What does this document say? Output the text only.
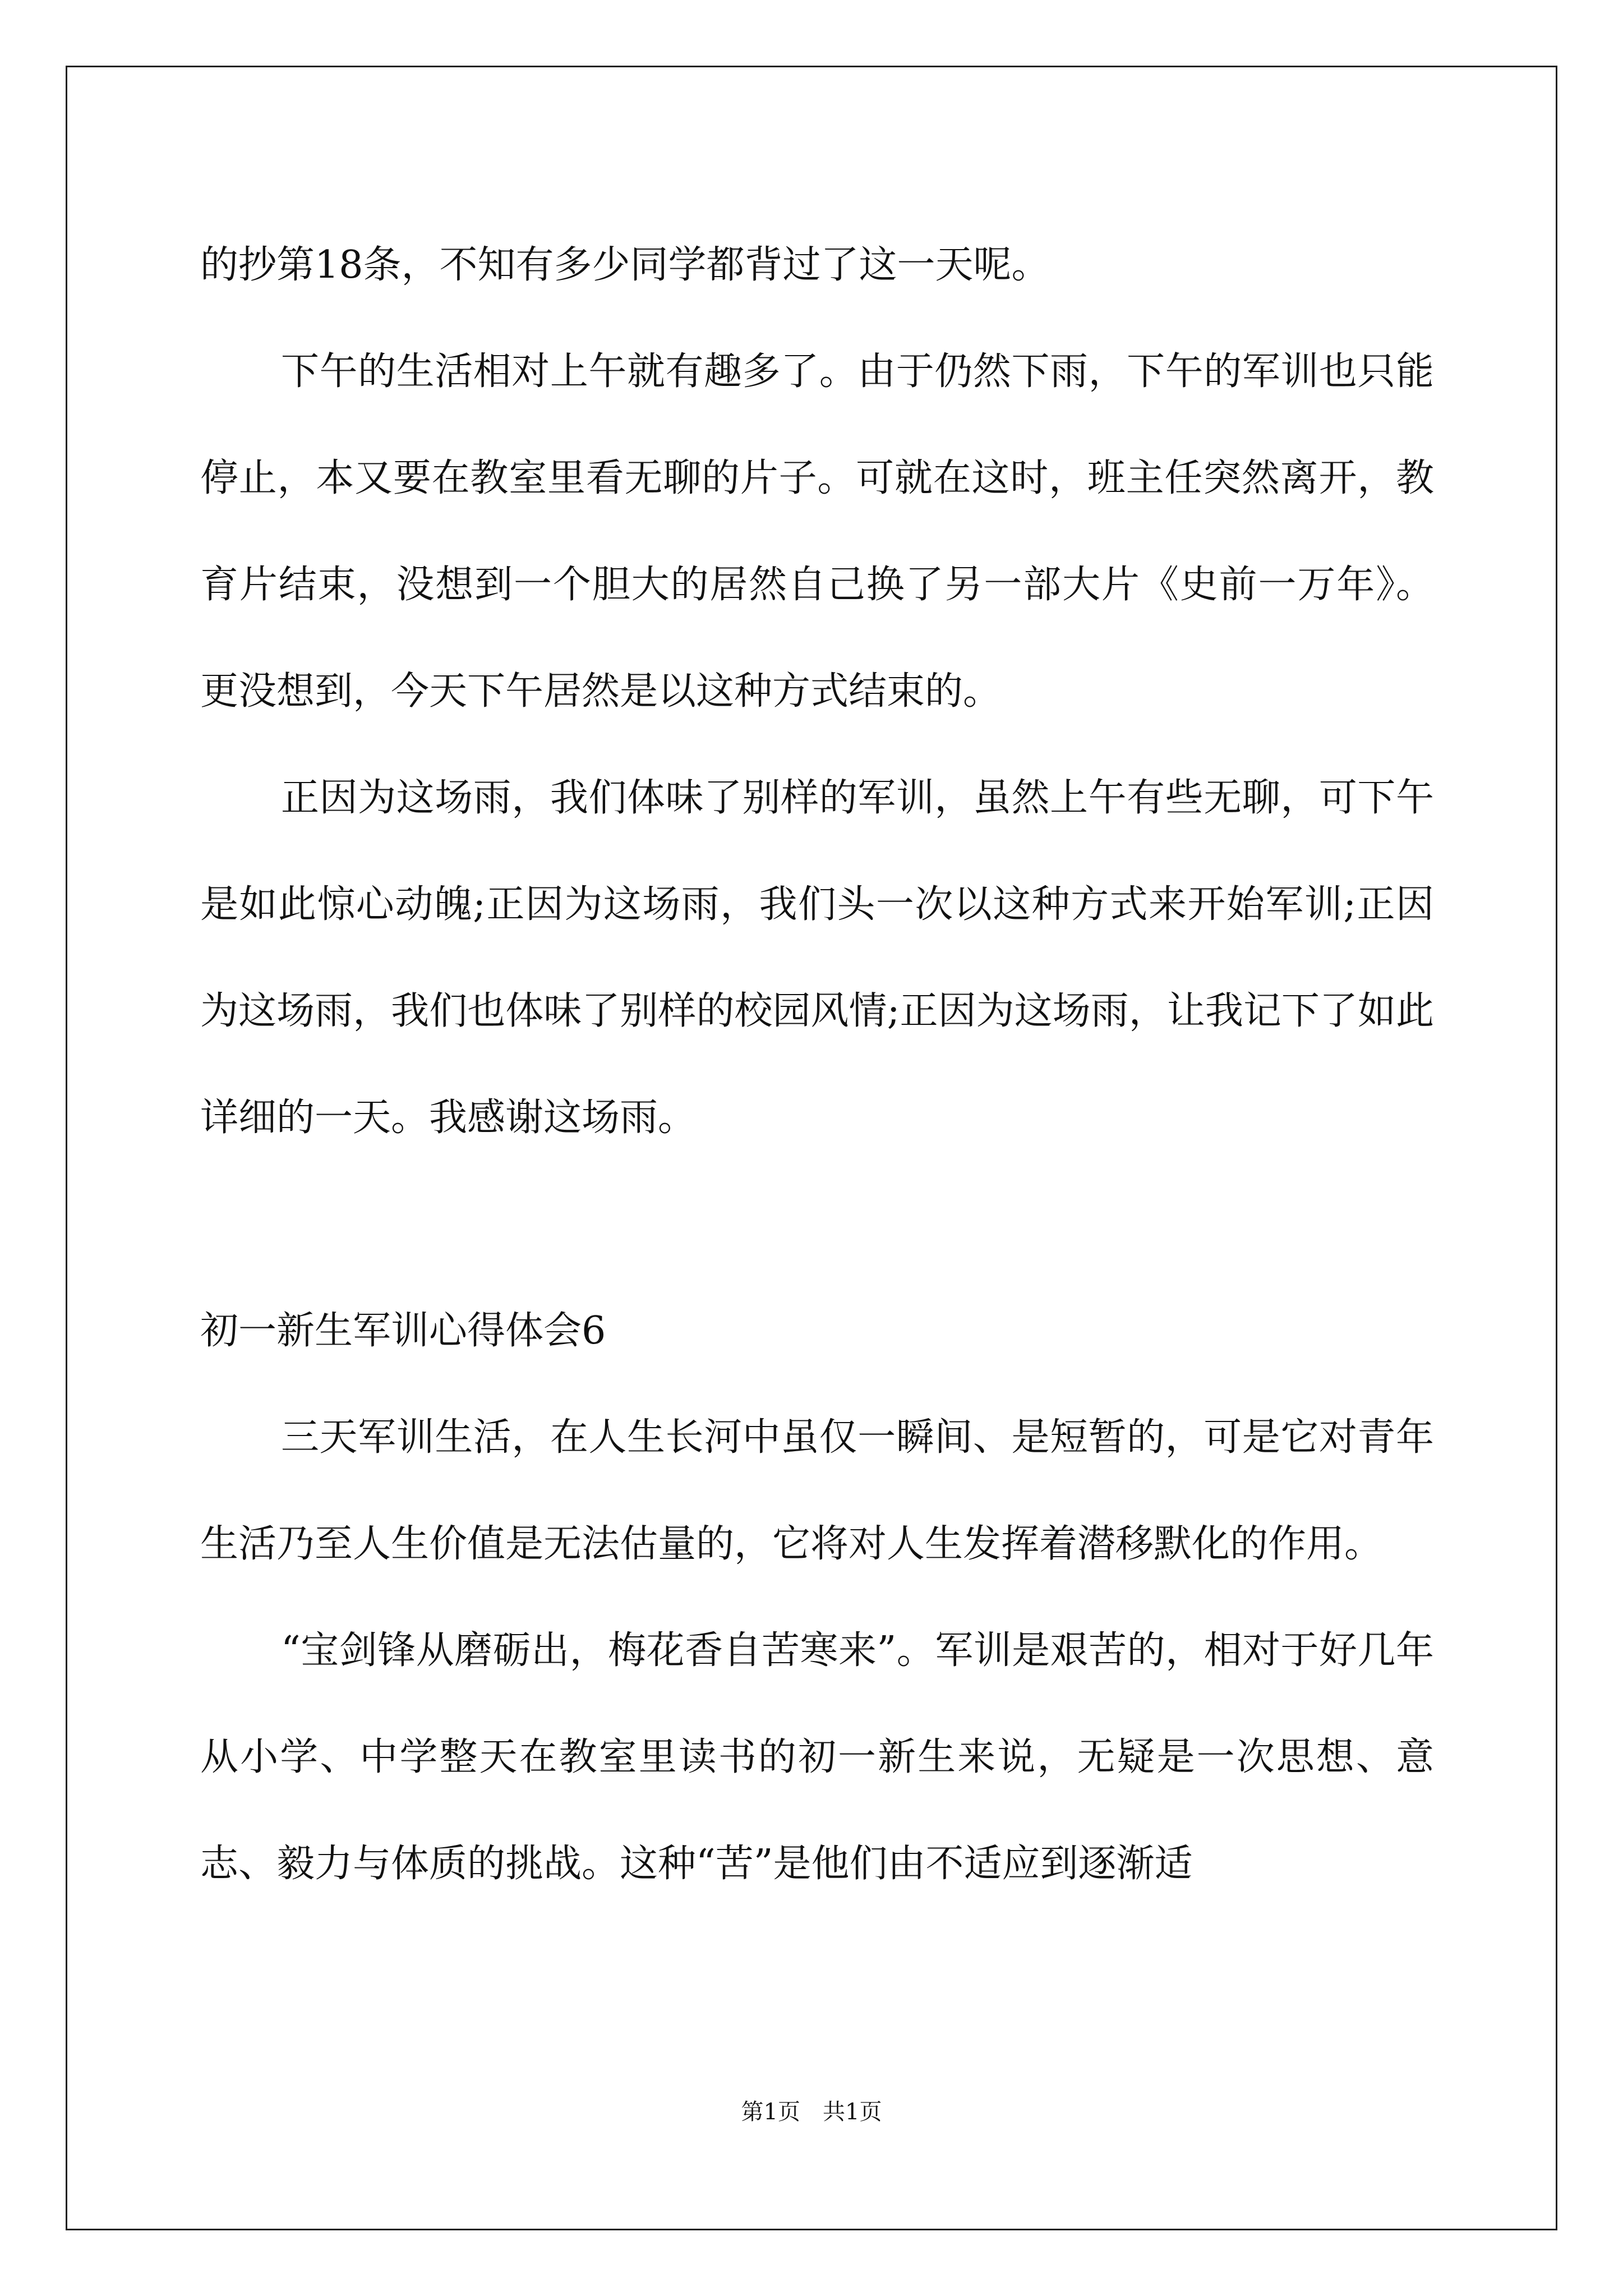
的抄第18条，不知有多少同学都背过了这一天呢。

下午的生活相对上午就有趣多了。由于仍然下雨，下午的军训也只能停止，本又要在教室里看无聊的片子。可就在这时，班主任突然离开，教育片结束，没想到一个胆大的居然自己换了另一部大片《史前一万年》。更没想到，今天下午居然是以这种方式结束的。

正因为这场雨，我们体味了别样的军训，虽然上午有些无聊，可下午是如此惊心动魄;正因为这场雨，我们头一次以这种方式来开始军训;正因为这场雨，我们也体味了别样的校园风情;正因为这场雨，让我记下了如此详细的一天。我感谢这场雨。

初一新生军训心得体会6

三天军训生活，在人生长河中虽仅一瞬间、是短暂的，可是它对青年生活乃至人生价值是无法估量的，它将对人生发挥着潜移默化的作用。

“宝剑锋从磨砺出，梅花香自苦寒来”。军训是艰苦的，相对于好几年从小学、中学整天在教室里读书的初一新生来说，无疑是一次思想、意志、毅力与体质的挑战。这种“苦”是他们由不适应到逐渐适

第1页　共1页
